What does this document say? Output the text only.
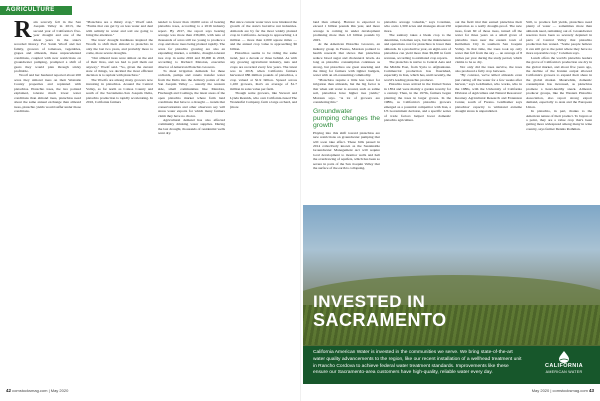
AGRICULTURE
R ain scarcely fell in the San Joaquin Valley in 2013, the second year of California's five-year drought and one of the driest years in the state's recorded history. For Sarah Woolf and her family, growers of tomatoes, vegetables, grapes and almonds, these unprecedented conditions, coupled with new restrictions on groundwater pumping, prompted a shift of gears they would plan through sticky profitable.

Woolf and her husband reported about 200 acres they almond trees on their Westside County properties and replanted with pistachios. Pistachio trees, the two pointed explained, tolerate much lower water conditions than almond trees, pistachios need about the same annual exchange than almond trees, pistachio yields would suffer under those conditions.

"Pistachios are a thirsty crop," Woolf said. "Farms that can get by on less water and deal with salinity in water and soil are going to bring the attention."

The trees' drought hardiness inspired the Woolfs to shift their almond to pistachio in only the last two years, and probably more to come, more severe droughts.

"Our almond trees were almost on the end of their lives, and we had to pull them out anyway," Woolf said. "So, given the current state of things, we decided the most efficient decision is to replant with pistachios."

The Woolfs are among many growers now investing in pistachios. Around the Central Valley, as far north as Colusa County and south of the Sacramento-San Joaquin Delta, pistachio production is rapidly accelerating. In 2016, California farmers

tended to fewer than 10,000 acres of bearing pistachio trees, according to a 2016 industry report. By 2017, the report says bearing acreage was more than 236,000, with tens of thousands of acres still too young to produce a crop and more trees being planted rapidly. The acres for pistachio growing are also an expanding market, a reliable, drought-tolerant tree crop in some 2016 and 30,000 in 2018, according to Richard Matoian, executive director of American Pistachio Growers.

To meet irrigation demands for these orchards, pumps and canals transfer water from the Delta into the delivery points of the San Joaquin Valley — usually the western side, small communities like Mendota, Firebaugh and Coalinga, the latest areas of the open pistachio market where farm land conditions that have to a drought — trends that conservationists and other observers say will stress water exports for which many farmers claim they have no choice.

Agricultural demand has also affected community drinking water supplies. During the last drought, thousands of residential wells went dry.

But since current water laws now hindered the growth of the state's lucrative nut industries. Almonds are by far the most widely planted crop in California. Acreage is approaching 1.4 million — more than 2,000 square miles — and the annual crop value is approaching $6 billion.

Pistachios seems to be riding the same trend, just a decade or three behind. As with any growing agricultural industry, nuts and crops are recorded every few years. The latest was in 2018, when California farmers harvested 986 million pounds of pistachios, a crop valued at $1.9 billion. Spread across 1,100 growers, that's an average of $1.7 million in sales value per farm.

Though some growers, like Stewart and Lynda Resnick, who own California-based The Wonderful Company, farm a large orchard, and (more

land than others). Harvest is expected to exceed 1 billion pounds this year, and more acreage is coming in under development promising more than 1.6 billion pounds by 2025.

At the American Pistachio Growers, an industry group in Fresno, Matoian pointed to health research that shows that pistachios reduce blood sugar and cholesterol levels. As long as pistachio consumption continues as strong, but pistachios are great snacking and the thing for farmers with tighter budgets, water with an all-consuming commodity.

"Pistachios require a little less water for irrigation than almonds, but the big factor is that when salt water is around, such as saline soil, pistachios have higher tree yields," Matoian says. "A lot of growers are considering this."

Groundwater pumping changes the growth

Playing into this shift toward pistachios are new restrictions on groundwater pumping that will soon take effect. These bills passed in 2014 collectively known as the Sustainable Groundwater Management Act will require local development to monitor wells and halt the overdrawing of aquifers, which has been so severe in parts of the San Joaquin Valley that the surface of the earth is collapsing.

pistachio acreage valuable," says Coleman, who owns 1,500 acres and manages about 250 more.

The sanitary takes a bleak crop to the determine, Coleman says, but the maintenance and operations cost for pistachios is lower than almonds. In a productive year, an eight-acre of pistachios can yield more than $9,000 in farm revenue, according to estimated crop reports.

The pistachio is native to Central Asia and the Middle East, from Syria to Afghanistan. Commercial production has flourished, especially in Iran, which has, until recently, the world's leading pistachio producer.

Pistachio trees arrived in the United States in 1854 and were mainly a garden novelty for a century. Then, in the 1970s, farmers began planting the trees in larger groves. In the 1980s, as California's pistachio growers emerged as a potential competitor with Iran, a US Government decision, and a specific series of trade factors helped boost domestic pistachio agriculture.

out the field trial that earned pistachios their reputation as a really drought-proof. The new trees, from 60 of those trees, turned off the water for three years on a small grove of pistachio trees near the eastern town of Kettleman City in southern San Joaquin Valley. In that time, the trees took up only water that fell from the sky — an average of 8 inches per year during the study period, which claims to be so dry.

Not only did the trees survive, the trees also produced a fully crop between.

"By contrast, we've killed almonds even just cutting off the water for a few weeks after harvest," says Goldhamer, who works, who in the 1980s, with the University of California Division of Agriculture and Natural Resources' Kearney Agricultural Research and Extension Center, south of Fresno. Goldhamer says pistachios' capacity to withstand extreme drought stress is unparalleled.

Still, to produce full yields, pistachios need plenty of water — sometimes more than almonds need, remaining out of. Groundwater reserves have been so severely depleted in parts of Central Valley that pistachio production has waned. "Some people believe it can still get to the point where they have no more reportable crop," Coleman says.

Lunch offers the world's pistachio leaders the grove of California's production are dry in the global market, and about five years ago, the decline of the Iranian output allowed California's growers to expand their share in the global market. Meanwhile, domestic consumption has increased, as pistachios promote a heart-healthy snack. Almond-producer groups, like the Western Pistachio Association, also report strong export demand, especially to Asia and the European Union.

In pistachio, in part, thanks to the American nature of their product. To buyers at a point, they are a value crop that's been getting more widespread among many in wine country, says farmer Dennis Rothman.

INVESTED IN
SACRAMENTO
California American Water is invested in the communities we serve. We bring state-of-the-art water quality advancements to the region, like our recent installation of a wellhead treatment unit in Rancho Cordova to achieve federal water treatment standards. Improvements like these ensure our Sacramento-area customers have high-quality, reliable water every day.
CALIFORNIA
AMERICAN WATER
42 comstocksmag.com | May 2020	May 2020 | comstocksmag.com 43
